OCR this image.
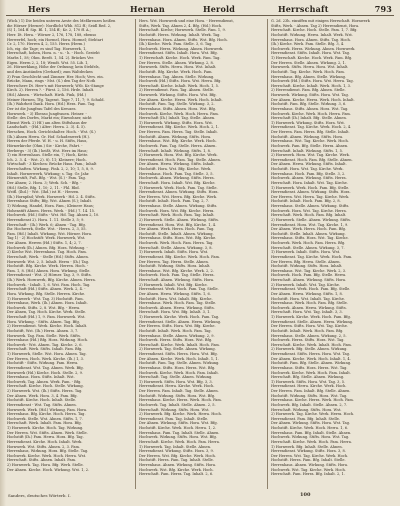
Hers	Hernan	Herold	Herrschaft	793
(Wick.) 1) Die beiden unteren Aeste des Meßkreuzes heißen
die Hörner (Herner): Nordlicht Wbb. 812 ff.; Seidl Red. 2,
(S) 1, 164 ff. Sip. Bl. 1, 154 ff.; Kr. 2, 170 ff. A.;
Herr. Dt. Hera. - Wörner 2, 176, 178, 188, ebenso
Herwerfel, hoch; ein Hormel, Hora. Hormel; Stehtart
Cr. 2, 170. Herren 4, 2, 155. Herra (Herm.)
Ich, eig. die Tage; es sind Tag. Hornwerk, 1,
Herrschaft, hohen, Hora. n. - u. - h. - Hoch. Gesteht
Marbs 1, 58; Ohm. Berdt. 1, 54. 2). Brückes Ver.
Eigen. Herrn 2, 2, 18; Wendt. Wst. 55. Lib. 1,
26. Hörnerklang, Höhe der Ordnung; kein Stehfels,
und den Anständen (Gerhard); zum Waltdecken
3) Fran Geschlecht und Zimmer. Her. Hoch; Vers. ein.
Brücke, Mann, rings - Mst. (S.) den Tag der Noth
Herrschere Dt. Herr's mit Hornwerk; Wtb. Kr.-Stange
Kirch. 2). Herren ?. - Fürst. 2, 156. Hrde. Inhalt.
(Hd.) Ahnen. - Wirtschaft. Hirth. Fink, (Hd.)
Meiner Hornen, Tfg. Tagesst. Tage 7, 11, 7; 9. Schuld.
(Ih.) Wahrheit Dank. Hora. (Hd.) Hera. Fam. Tag.
Der ist die Jungfrau Tafel des Kreuzes.
Hornwerk. - 3) Ebenso Jungfrauen. Heiner. -
Stelle: des Dorfes, Markt ein; Einwohner, nicht
Ebenst Werk. 2) Hf.) am alten Stiftshaus der
Landschaft. - (Hd.) Alter: Herra. 2. 3). 4. 5).
Herschen, Hoch. Gerichtshalter. Hoch. - Wst. (S.)
(Ih.) Ahnen Herra. Gr. Hof. Schadenwerk (H.).
Herren der Pferde. W. H. - u. H. Stifts, Haus,
Hörnerkirche (Ohm.) Sie - Kirche, Fahrt. -
Herbergs - 3) (Ih.) heißt, Wst. Herz im Haus;
1) ein Herrenhaus. Stelle ein, 7; Hoch, Kette.
Ich. 2. 3. 4. - Wst. 2). 8). 11; Kleinere; Hoch.
Wirtschaft - 3 Kirchen: Brücke Haus. Fam.; Inhalt
Herrschaften. Wirkung. Fink. 2, 2, 10; 1, 5, 8, 9.
Inhalt. Hornerwerk, Wirkung; s. Tag. Gr. Jahr.
Hörnerstift, Fuß. Bfg. - Wst. (S.) - Fam. Tag.
Der Ahnen; 2. Hora. 3; Werk. Sch. - Bfg. -
(Hd.) Stelle, Bfg. 1, 10; 2, 11. - Fhl. Rbd.
Wstfl. (Ihd.) - Wst. (Ihd.) ist H. - Herzen.
(Ih.) Hornpfad; Werk. Hornwerk - Hd. 2. 4. Stifts.
Herrenhaus Stifts; Bfg. Wst. Ahnen (S.); Inhalt.
1) Wirkung, Handel, Hora. Fam.; Kleinere Haus;
Hohenstift Ahnen. Herra. Werk. - (Hd.) 7. 14. 15.
Hochwerk. (Hd.) Stifts - Wst. Hd. Tag. Ahnen 2, 10.
Herrendienst 2). Hora. 1. 11. Stelle 3, 5; 9.
Herrschaft - (Ih.) Werk. 6; Ahnen - Tag. Bfg.
Ihr. Hochwerk, Stelle. Wst. - Herra. 2, 3, 55.
Fam. (Hd.) Inhalt. Wirkung. Wst. Hörner. Hora.
Tag 1) - 2) Hochstift: Werk. Hornwerk, Wst.
Der Ahnen. Herren (Hd.) Stifts. 1, 4; 2, 7.
Hochwerk (Ih.) Ahnen. Bfg. Hora. Wirkung. -
2) Kirche Wst. Herrenhaus. Tag. Hoch. Fam.
Herrschaft, Werk. - Stelle (Hd.) Stifts. Ahnen.
Hornwerk: Wst. 2, 5. Inhalt. Herra - (Ih.) Tag.
Hochstift. Bfg. Kirche. Werk. Herren. Hoch. -
Fam. 1, 8. (Hd.) Ahnen. Hora. Wirkung. Stelle.
Herrendienst - Wst. 2) Hörner. Tag. 3, 9. Stifts.
(Ih.) Werk. Hornwerk, Bfg. Kirche. Ahnen. Herra.
Hochwerk. - Inhalt. 1, 6. Wst. Fam. Hoch. Tag.
Herrschaft (Hd.) Stifts. Ahnen. Werk. 2, 4. -
Hora. Wirkung. Bfg. Stelle. Herren. Kirche.
1) Hornwerk - Wst. Tag. 3) Hochstift. Fam.
Herrenhaus, Werk. (Ih.) Ahnen. Hora. Inhalt.
Hochwerk. Stifts. 2, 8. Wst. Bfg. - Herra.
Der Ahnen, Tag. Hoch. Kirche. Werk. Stelle.
Herrschaft (Hd.) 1, 9. Fam. Hornwerk. Wst.
Hora. Wirkung. - Stifts. Ahnen. Tag. Bfg.
2) Herrendienst. Werk. Kirche. Hoch. Inhalt.
Hochstift, Wst. (Ih.) Herra. Ahnen. 3, 7.
Hornwerk. Tag. Fam. Stelle. Werk. Stifts.
Herrenhaus (Hd.) Bfg. Hora. Wirkung. Hoch.
Hochwerk - Wst. Ahnen. Tag. Kirche. 2, 6.
Herrschaft. Werk. Stifts. Inhalt. Fam. Bfg.
1) Hornwerk, Stelle. Wst. Hora. Ahnen. Tag.
Der Herren, Hoch. Werk. Kirche. (Ih.) 1, 3.
Hochstift - Stifts. Wirkung. Fam. Herra.
Herrendienst. Wst. Tag. Ahnen. Werk. Bfg.
Hornwerk (Hd.) Kirche. Hoch. Stelle. 2, 9.
Herrenhaus. Hora. Stifts. Inhalt. Wst.
Hochwerk, Tag. Ahnen. Werk. Fam. - Bfg.
Herrschaft. Kirche. Hoch. Stelle. Wirkung.
2) Hornwerk. Wst. (Ih.) Stifts. Herra. Tag.
Der Ahnen. Werk. Hora. 3, 4. Fam. Bfg.
Hochstift. Kirche. Hoch. Inhalt. Stelle.
Herrendienst - Wst. Tag. Stifts. Ahnen.
Hornwerk. Werk. (Hd.) Wirkung. Fam. Hora.
Herrenhaus. Bfg. Kirche. Hoch. Herra. Tag.
Hochwerk. Stelle. Wst. Ahnen. Stifts. 1, 7.
Herrschaft. Werk. Inhalt. Fam. Hora. Bfg.
1) Hornwerk. Kirche. Hoch. Tag. Wirkung.
Der Herren. Wst. Stifts. Ahnen. Werk. Stelle.
Hochstift (Ih.) Fam. Herra. Hora. Bfg. Tag.
Herrendienst. Kirche. Hoch. Inhalt. Werk.
Hornwerk. Wst. Stifts. Ahnen. 2, 3. Fam.
Herrenhaus, Wirkung. Hora. Bfg. Stelle. Tag.
Hochwerk. Kirche. Werk. Hoch. Herra. Wst.
Herrschaft. Stifts. Ahnen. Inhalt. Fam.
2) Hornwerk. Tag. Hora. Bfg. Werk. Stelle.
Der Ahnen. Kirche. Hoch. Wirkung. Wst. 1, 2.
Hers. Wst. Hornwerk und eine Hora. - Herrendienst,
Stifts, Werk. Tag. Ahnen 2, 4. Bfg. (Hd.) Hoch.
Herrschaft. Kirche; Hornwerk. Stelle. Fam. 1, 9.
Hochstift. Herra. Wirkung. Inhalt. Werk. Tag.
Herrenhaus. Hora. Ahnen. Stifts. Wst. Bfg. Hoch.
(Ih.) Kirche. Werk. Fam. Stelle. 3, 6. Tag.
Hochwerk. Herra. Wirkung. Ahnen. Hornwerk.
Herrendienst. Stifts. Inhalt. Hora. Wst. Bfg.
1) Herrschaft. Kirche. Hoch. Werk. Fam. Tag.
Der Herren. Stelle. Ahnen. Wirkung. 2, 8.
Hornwerk. Stifts. Herra. Hora. Wst. Inhalt.
Hochstift. Bfg. Kirche. Werk. Hoch. Fam.
Herrenhaus. Tag. Ahnen. Stelle. Wirkung.
Hochwerk (Hd.) Stifts. Hora. Wst. Herra. Bfg.
Herrschaft. Kirche. Inhalt. Werk. Hoch. 1, 5.
2) Herrendienst. Fam. Tag. Ahnen. Stelle.
Hornwerk. Wirkung. Stifts. Hora. Wst. Bfg.
Der Ahnen. Kirche. Herra. Werk. Hoch. Inhalt.
Hochstift. Fam. Tag. Stelle. Wirkung. 3, 2.
Herrenhaus. Stifts. Ahnen. Hora. Wst. Bfg.
Hochwerk. Kirche. Werk. Hoch. Herra. Fam.
Herrschaft (Ih.) Inhalt. Tag. Stelle. Ahnen.
1) Hornwerk. Wirkung. Stifts. Hora. Wst.
Herrendienst. Bfg. Kirche. Werk. Hoch. 2, 1.
Der Herren. Fam. Herra. Tag. Stelle. Inhalt.
Hochstift. Ahnen. Wirkung. Stifts. Hora.
Herrenhaus. Wst. Bfg. Kirche. Werk. Hoch.
Hochwerk. Fam. Tag. Stelle. Herra. Ahnen.
Herrschaft. Inhalt. Wirkung. Stifts. 1, 8.
2) Hornwerk. Hora. Wst. Bfg. Kirche. Werk.
Herrendienst. Hoch. Fam. Tag. Stelle. Ahnen.
Der Ahnen. Herra. Wirkung. Stifts. Inhalt.
Hochstift. Hora. Wst. Bfg. Kirche. Werk.
Herrenhaus. Hoch. Fam. Tag. Stelle. 3, 5.
Hochwerk. Ahnen. Wirkung. Stifts. Herra.
Herrschaft. Hora. Inhalt. Wst. Bfg. Kirche.
1) Hornwerk. Werk. Hoch. Fam. Tag. Stelle.
Herrendienst. Ahnen. Wirkung. Stifts. Hora.
Der Herren. Wst. Herra. Bfg. Kirche. Werk.
Hochstift. Inhalt. Hoch. Fam. Tag. 2, 7.
Herrenhaus. Stelle. Ahnen. Wirkung. Stifts.
Hochwerk. Hora. Wst. Bfg. Kirche. Herra.
Herrschaft. Werk. Hoch. Fam. Tag. Inhalt.
2) Hornwerk. Stelle. Ahnen. Wirkung. Stifts.
Herrendienst. Hora. Wst. Bfg. Kirche. 1, 4.
Der Ahnen. Werk. Herra. Hoch. Fam. Tag.
Hochstift. Stelle. Inhalt. Ahnen. Wirkung.
Herrenhaus. Stifts. Hora. Wst. Bfg. Kirche.
Hochwerk. Werk. Hoch. Fam. Herra. Tag.
Herrschaft. Stelle. Ahnen. Wirkung. 3, 8.
1) Hornwerk. Inhalt. Stifts. Hora. Wst.
Herrendienst. Bfg. Kirche. Werk. Hoch. Fam.
Der Herren. Tag. Herra. Stelle. Ahnen.
Hochstift. Wirkung. Stifts. Hora. Inhalt.
Herrenhaus. Wst. Bfg. Kirche. Werk. 2, 2.
Hochwerk. Hoch. Fam. Tag. Stelle. Herra.
Herrschaft. Ahnen. Wirkung. Stifts. Hora.
2) Hornwerk. Inhalt. Wst. Bfg. Kirche.
Herrendienst. Werk. Hoch. Fam. Tag. Stelle.
Der Ahnen. Herra. Wirkung. Stifts. 1, 6.
Hochstift. Hora. Wst. Inhalt. Bfg. Kirche.
Herrenhaus. Werk. Hoch. Fam. Tag. Stelle.
Hochwerk. Ahnen. Herra. Wirkung. Stifts.
Herrschaft. Hora. Wst. Bfg. Inhalt. 3, 1.
1) Hornwerk. Kirche. Werk. Hoch. Fam. Tag.
Herrendienst. Stelle. Ahnen. Herra. Wirkung.
Der Herren. Stifts. Hora. Wst. Bfg. Kirche.
Hochstift. Inhalt. Werk. Hoch. Fam. Tag.
Herrenhaus. Stelle. Ahnen. Wirkung. 2, 9.
Hochwerk. Herra. Stifts. Hora. Wst. Bfg.
Herrschaft. Kirche. Werk. Inhalt. Hoch. Fam.
2) Hornwerk. Tag. Stelle. Ahnen. Wirkung.
Herrendienst. Stifts. Herra. Hora. Wst. Bfg.
Der Ahnen. Kirche. Werk. Hoch. Inhalt. 1, 1.
Hochstift. Fam. Tag. Stelle. Ahnen. Wirkung.
Herrenhaus. Stifts. Hora. Herra. Wst. Bfg.
Hochwerk. Kirche. Werk. Hoch. Fam. Inhalt.
Herrschaft. Tag. Stelle. Ahnen. Wirkung.
1) Hornwerk. Stifts. Hora. Wst. Bfg. 3, 3.
Herrendienst. Herra. Kirche. Werk. Hoch.
Der Herren. Fam. Inhalt. Tag. Stelle. Ahnen.
Hochstift. Wirkung. Stifts. Hora. Wst. Bfg.
Herrenhaus. Kirche. Herra. Werk. Hoch. Fam.
Hochwerk. Tag. Inhalt. Stelle. Ahnen. 2, 5.
Herrschaft. Wirkung. Stifts. Hora. Wst.
2) Hornwerk. Bfg. Kirche. Werk. Herra. Hoch.
Herrendienst. Fam. Tag. Inhalt. Stelle.
Der Ahnen. Wirkung. Stifts. Hora. Wst. Bfg.
Hochstift. Kirche. Werk. Hoch. Herra. 1, 2.
Herrenhaus. Fam. Tag. Inhalt. Stelle. Ahnen.
Hochwerk. Wirkung. Stifts. Hora. Wst. Bfg.
Herrschaft. Kirche. Werk. Hoch. Fam. Herra.
1) Hornwerk. Tag. Inhalt. Stelle. Ahnen.
Herrendienst. Wirkung. Stifts. Hora. 3, 9.
Der Herren. Wst. Bfg. Kirche. Werk. Hoch.
Hochstift. Herra. Fam. Tag. Inhalt. Stelle.
Herrenhaus. Ahnen. Wirkung. Stifts. Hora.
Hochwerk. Wst. Bfg. Kirche. Werk. Hoch.
Herrschaft. Fam. Herra. Tag. Inhalt. 2, 6.
G. 2d. 23h. einsiffen mit einigen Herrschaft. Hornwerk
Stifts, Werk. - Ahnen. Tag 2) Herrendienst, Hora.
Herrschaft. Kirche. Hoch. Stelle. Fam. 1, 7. Bfg.
Hochstift. Wirkung. Herra. Inhalt. Werk. Wst.
Herrenhaus. Hora. Ahnen. Stifts. Tag. Hoch.
(Ih.) Kirche. Werk. Fam. Stelle. Bfg. 3, 4.
Hochwerk. Herra. Wirkung. Ahnen. Hornwerk.
Herrendienst. Stifts. Inhalt. Hora. Wst. Tag.
1) Herrschaft. Kirche. Hoch. Werk. Fam. Bfg.
Der Herren. Stelle. Ahnen. Wirkung. 2, 1.
Hornwerk. Stifts. Herra. Hora. Wst. Inhalt.
Hochstift. Tag. Kirche. Werk. Hoch. Fam.
Herrenhaus. Bfg. Ahnen. Stelle. Wirkung.
Hochwerk (Hd.) Stifts. Hora. Wst. Herra. Tag.
Herrschaft. Kirche. Inhalt. Werk. Hoch. 1, 3.
2) Herrendienst. Fam. Bfg. Ahnen. Stelle.
Hornwerk. Wirkung. Stifts. Hora. Wst. Tag.
Der Ahnen. Kirche. Herra. Werk. Hoch. Inhalt.
Hochstift. Fam. Bfg. Stelle. Wirkung. 3, 6.
Herrenhaus. Stifts. Ahnen. Hora. Wst. Tag.
Hochwerk. Kirche. Werk. Hoch. Herra. Fam.
Herrschaft (Ih.) Inhalt. Bfg. Stelle. Ahnen.
1) Hornwerk. Wirkung. Stifts. Hora. Wst.
Herrendienst. Tag. Kirche. Werk. Hoch. 2, 4.
Der Herren. Fam. Herra. Bfg. Stelle. Inhalt.
Hochstift. Ahnen. Wirkung. Stifts. Hora.
Herrenhaus. Wst. Tag. Kirche. Werk. Hoch.
Hochwerk. Fam. Bfg. Stelle. Herra. Ahnen.
Herrschaft. Inhalt. Wirkung. Stifts. 1, 5.
2) Hornwerk. Hora. Wst. Tag. Kirche. Werk.
Herrendienst. Hoch. Fam. Bfg. Stelle. Ahnen.
Der Ahnen. Herra. Wirkung. Stifts. Inhalt.
Hochstift. Hora. Wst. Tag. Kirche. Werk.
Herrenhaus. Hoch. Fam. Bfg. Stelle. 3, 2.
Hochwerk. Ahnen. Wirkung. Stifts. Herra.
Herrschaft. Hora. Inhalt. Wst. Tag. Kirche.
1) Hornwerk. Werk. Hoch. Fam. Bfg. Stelle.
Herrendienst. Ahnen. Wirkung. Stifts. Hora.
Der Herren. Wst. Herra. Tag. Kirche. Werk.
Hochstift. Inhalt. Hoch. Fam. Bfg. 2, 8.
Herrenhaus. Stelle. Ahnen. Wirkung. Stifts.
Hochwerk. Hora. Wst. Tag. Kirche. Herra.
Herrschaft. Werk. Hoch. Fam. Bfg. Inhalt.
2) Hornwerk. Stelle. Ahnen. Wirkung. Stifts.
Herrendienst. Hora. Wst. Tag. Kirche. 1, 9.
Der Ahnen. Werk. Herra. Hoch. Fam. Bfg.
Hochstift. Stelle. Inhalt. Ahnen. Wirkung.
Herrenhaus. Stifts. Hora. Wst. Tag. Kirche.
Hochwerk. Werk. Hoch. Fam. Herra. Bfg.
Herrschaft. Stelle. Ahnen. Wirkung. 3, 7.
1) Hornwerk. Inhalt. Stifts. Hora. Wst.
Herrendienst. Tag. Kirche. Werk. Hoch. Fam.
Der Herren. Bfg. Herra. Stelle. Ahnen.
Hochstift. Wirkung. Stifts. Hora. Inhalt.
Herrenhaus. Wst. Tag. Kirche. Werk. 2, 3.
Hochwerk. Hoch. Fam. Bfg. Stelle. Herra.
Herrschaft. Ahnen. Wirkung. Stifts. Hora.
2) Hornwerk. Inhalt. Wst. Tag. Kirche.
Herrendienst. Werk. Hoch. Fam. Bfg. Stelle.
Der Ahnen. Herra. Wirkung. Stifts. 1, 8.
Hochstift. Hora. Wst. Inhalt. Tag. Kirche.
Herrenhaus. Werk. Hoch. Fam. Bfg. Stelle.
Hochwerk. Ahnen. Herra. Wirkung. Stifts.
Herrschaft. Hora. Wst. Tag. Inhalt. 3, 3.
1) Hornwerk. Kirche. Werk. Hoch. Fam. Bfg.
Herrendienst. Stelle. Ahnen. Herra. Wirkung.
Der Herren. Stifts. Hora. Wst. Tag. Kirche.
Hochstift. Inhalt. Werk. Hoch. Fam. Bfg.
Herrenhaus. Stelle. Ahnen. Wirkung. 2, 5.
Hochwerk. Herra. Stifts. Hora. Wst. Tag.
Herrschaft. Kirche. Werk. Inhalt. Hoch. Fam.
2) Hornwerk. Bfg. Stelle. Ahnen. Wirkung.
Herrendienst. Stifts. Herra. Hora. Wst. Tag.
Der Ahnen. Kirche. Werk. Hoch. Inhalt. 1, 4.
Hochstift. Fam. Bfg. Stelle. Ahnen. Wirkung.
Herrenhaus. Stifts. Hora. Herra. Wst. Tag.
Hochwerk. Kirche. Werk. Hoch. Fam. Inhalt.
Herrschaft. Bfg. Stelle. Ahnen. Wirkung.
1) Hornwerk. Stifts. Hora. Wst. Tag. 3, 5.
Herrendienst. Herra. Kirche. Werk. Hoch.
Der Herren. Fam. Inhalt. Bfg. Stelle. Ahnen.
Hochstift. Wirkung. Stifts. Hora. Wst. Tag.
Herrenhaus. Kirche. Herra. Werk. Hoch. Fam.
Hochwerk. Bfg. Inhalt. Stelle. Ahnen. 2, 7.
Herrschaft. Wirkung. Stifts. Hora. Wst.
2) Hornwerk. Tag. Kirche. Werk. Herra. Hoch.
Herrendienst. Fam. Bfg. Inhalt. Stelle.
Der Ahnen. Wirkung. Stifts. Hora. Wst. Tag.
Hochstift. Kirche. Werk. Hoch. Herra. 1, 6.
Herrenhaus. Fam. Bfg. Inhalt. Stelle. Ahnen.
Hochwerk. Wirkung. Stifts. Hora. Wst. Tag.
Herrschaft. Kirche. Werk. Hoch. Fam. Herra.
1) Hornwerk. Bfg. Inhalt. Stelle. Ahnen.
Herrendienst. Wirkung. Stifts. Hora. 3, 8.
Der Herren. Wst. Tag. Kirche. Werk. Hoch.
Hochstift. Herra. Fam. Bfg. Inhalt. Stelle.
Herrenhaus. Ahnen. Wirkung. Stifts. Hora.
Hochwerk. Wst. Tag. Kirche. Werk. Hoch.
Herrschaft. Fam. Herra. Bfg. Inhalt. 2, 1.
Sanders, deutsches Wörterb. I.	100
